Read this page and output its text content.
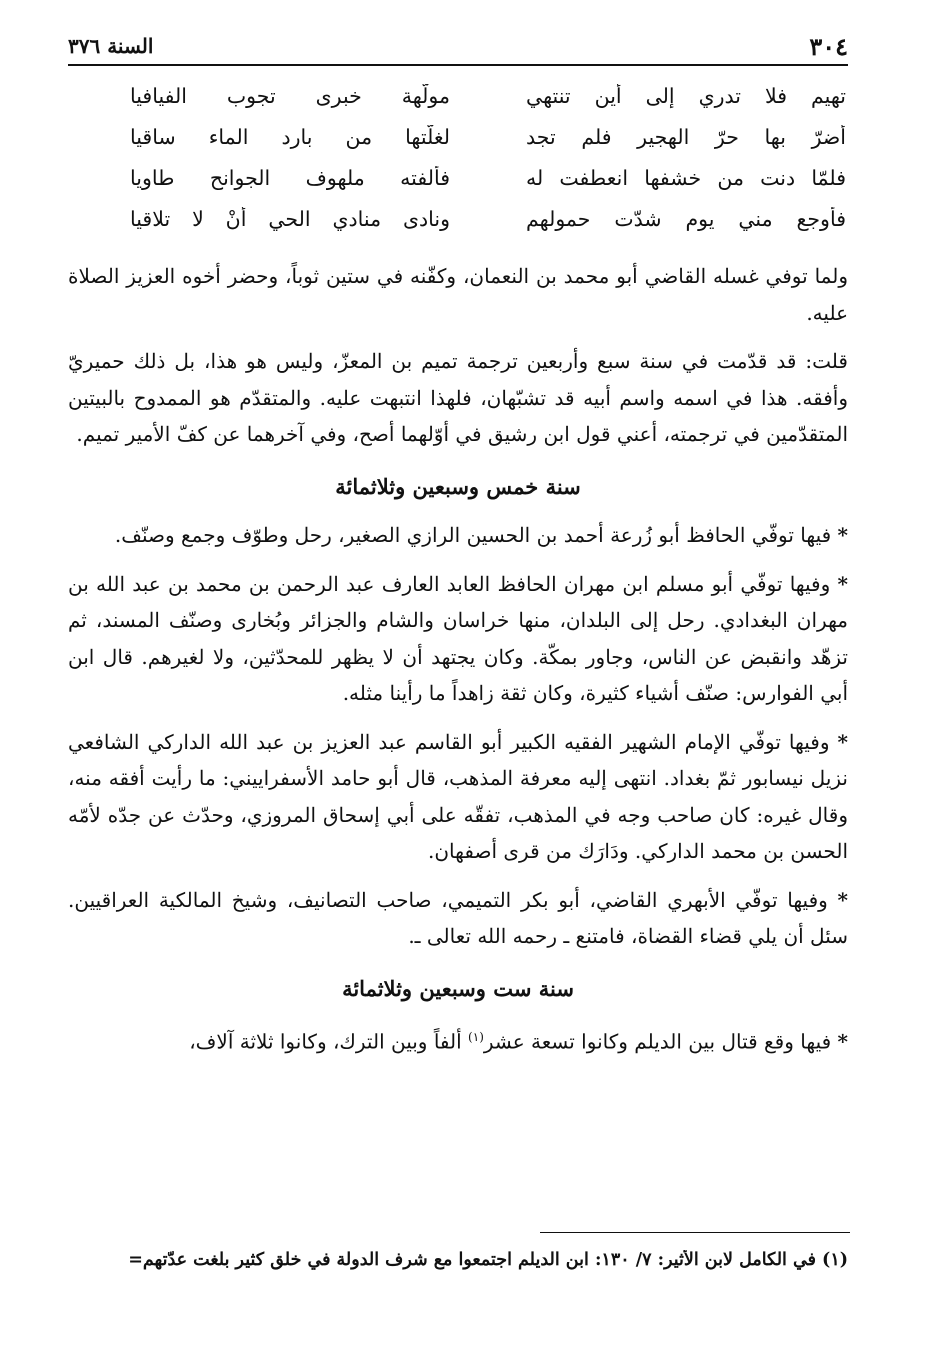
٣٠٤
السنة ٣٧٦
تهيم فلا تدري إلى أين تنتهي
مولّهة خبرى تجوب الفيافيا
أضرّ بها حرّ الهجير فلم تجد
لغلّتها من بارد الماء ساقيا
فلمّا دنت من خشفها انعطفت له
فألفته ملهوف الجوانح طاويا
فأوجع مني يوم شدّت حمولهم
ونادى منادي الحي أنْ لا تلاقيا

ولما توفي غسله القاضي أبو محمد بن النعمان، وكفّنه في ستين ثوباً، وحضر أخوه العزيز الصلاة عليه.

قلت: قد قدّمت في سنة سبع وأربعين ترجمة تميم بن المعزّ، وليس هو هذا، بل ذلك حميريّ وأفقه. هذا في اسمه واسم أبيه قد تشبّهان، فلهذا انتبهت عليه. والمتقدّم هو الممدوح بالبيتين المتقدّمين في ترجمته، أعني قول ابن رشيق في أوّلهما أصح، وفي آخرهما عن كفّ الأمير تميم.

سنة خمس وسبعين وثلاثمائة

* فيها توفّي الحافظ أبو زُرعة أحمد بن الحسين الرازي الصغير، رحل وطوّف وجمع وصنّف.

* وفيها توفّي أبو مسلم ابن مهران الحافظ العابد العارف عبد الرحمن بن محمد بن عبد الله بن مهران البغدادي. رحل إلى البلدان، منها خراسان والشام والجزائر وبُخارى وصنّف المسند، ثم تزهّد وانقبض عن الناس، وجاور بمكّة. وكان يجتهد أن لا يظهر للمحدّثين، ولا لغيرهم. قال ابن أبي الفوارس: صنّف أشياء كثيرة، وكان ثقة زاهداً ما رأينا مثله.

* وفيها توفّي الإمام الشهير الفقيه الكبير أبو القاسم عبد العزيز بن عبد الله الداركي الشافعي نزيل نيسابور ثمّ بغداد. انتهى إليه معرفة المذهب، قال أبو حامد الأسفراييني: ما رأيت أفقه منه، وقال غيره: كان صاحب وجه في المذهب، تفقّه على أبي إسحاق المروزي، وحدّث عن جدّه لأمّه الحسن بن محمد الداركي. ودَارَك من قرى أصفهان.

* وفيها توفّي الأبهري القاضي، أبو بكر التميمي، صاحب التصانيف، وشيخ المالكية العراقيين. سئل أن يلي قضاء القضاة، فامتنع ـ رحمه الله تعالى ـ.

سنة ست وسبعين وثلاثمائة

* فيها وقع قتال بين الديلم وكانوا تسعة عشر$^{(١)}$ ألفاً وبين الترك، وكانوا ثلاثة آلاف،

(١) في الكامل لابن الأثير: ٧/ ١٣٠: ابن الديلم اجتمعوا مع شرف الدولة في خلق كثير بلغت عدّتهم=
